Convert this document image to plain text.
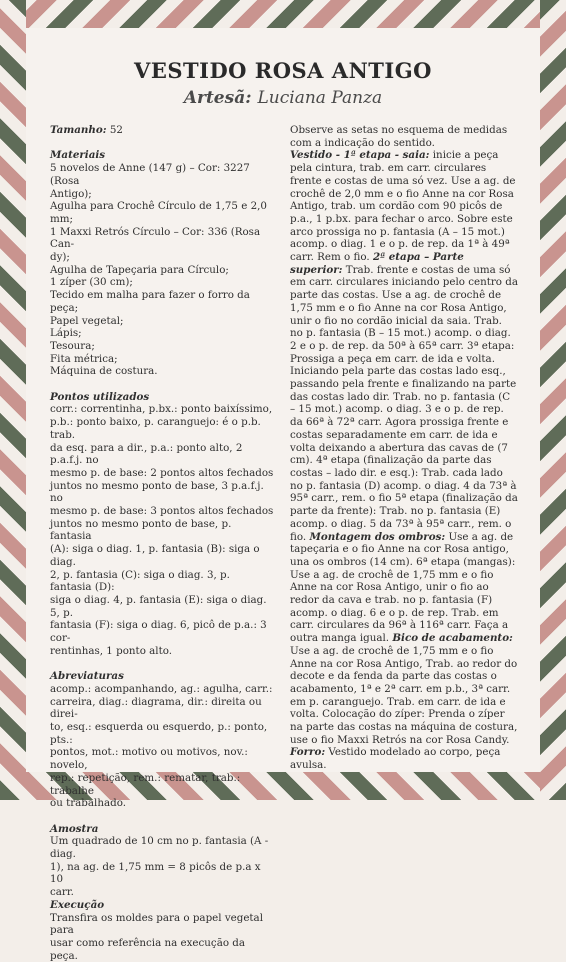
VESTIDO ROSA ANTIGO
Artesã: Luciana Panza

Tamanho: 52

Materiais

5 novelos de Anne (147 g) – Cor: 3227 (Rosa

Antigo);

Agulha para Crochê Círculo de 1,75 e 2,0 mm;

1 Maxxi Retrós Círculo – Cor: 336 (Rosa Can-

dy);

Agulha de Tapeçaria para Círculo;

1 zíper (30 cm);

Tecido em malha para fazer o forro da peça;

Papel vegetal;

Lápis;

Tesoura;

Fita métrica;

Máquina de costura.

Pontos utilizados

corr.: correntinha, p.bx.: ponto baixíssimo,

p.b.: ponto baixo, p. caranguejo: é o p.b. trab.

da esq. para a dir., p.a.: ponto alto, 2 p.a.f.j. no

mesmo p. de base: 2 pontos altos fechados

juntos no mesmo ponto de base, 3 p.a.f.j. no

mesmo p. de base: 3 pontos altos fechados

juntos no mesmo ponto de base, p. fantasia

(A): siga o diag. 1, p. fantasia (B): siga o diag.

2, p. fantasia (C): siga o diag. 3, p. fantasia (D):

siga o diag. 4, p. fantasia (E): siga o diag. 5, p.

fantasia (F): siga o diag. 6, picô de p.a.: 3 cor-

rentinhas, 1 ponto alto.

Abreviaturas

acomp.: acompanhando, ag.: agulha, carr.:

carreira, diag.: diagrama, dir.: direita ou direi-

to, esq.: esquerda ou esquerdo, p.: ponto, pts.:

pontos, mot.: motivo ou motivos, nov.: novelo,

rep.: repetição, rem.: rematar, trab.: trabalhe

ou trabalhado.

Amostra

Um quadrado de 10 cm no p. fantasia (A - diag.

1), na ag. de 1,75 mm = 8 picôs de p.a x 10

carr.

Execução

Transfira os moldes para o papel vegetal para

usar como referência na execução da peça.

Observe as setas no esquema de medidas com a indicação do sentido.

Vestido - 1ª etapa - saia: inicie a peça pela cintura, trab. em carr. circulares frente e costas de uma só vez. Use a ag. de crochê de 2,0 mm e o fio Anne na cor Rosa Antigo, trab. um cordão com 90 picôs de p.a., 1 p.bx. para fechar o arco. Sobre este arco prossiga no p. fantasia (A – 15 mot.) acomp. o diag. 1 e o p. de rep. da 1ª à 49ª carr. Rem o fio. 2ª etapa – Parte superior: Trab. frente e costas de uma só em carr. circulares iniciando pelo centro da parte das costas. Use a ag. de crochê de 1,75 mm e o fio Anne na cor Rosa Antigo, unir o fio no cordão inicial da saia. Trab. no p. fantasia (B – 15 mot.) acomp. o diag. 2 e o p. de rep. da 50ª à 65ª carr. 3ª etapa: Prossiga a peça em carr. de ida e volta. Iniciando pela parte das costas lado esq., passando pela frente e finalizando na parte das costas lado dir. Trab. no p. fantasia (C – 15 mot.) acomp. o diag. 3 e o p. de rep. da 66ª à 72ª carr. Agora prossiga frente e costas separadamente em carr. de ida e volta deixando a abertura das cavas de (7 cm). 4ª etapa (finalização da parte das costas – lado dir. e esq.): Trab. cada lado no p. fantasia (D) acomp. o diag. 4 da 73ª à 95ª carr., rem. o fio 5ª etapa (finalização da parte da frente): Trab. no p. fantasia (E) acomp. o diag. 5 da 73ª à 95ª carr., rem. o fio. Montagem dos ombros: Use a ag. de tapeçaria e o fio Anne na cor Rosa antigo, una os ombros (14 cm). 6ª etapa (mangas): Use a ag. de crochê de 1,75 mm e o fio Anne na cor Rosa Antigo, unir o fio ao redor da cava e trab. no p. fantasia (F) acomp. o diag. 6 e o p. de rep. Trab. em carr. circulares da 96ª à 116ª carr. Faça a outra manga igual. Bico de acabamento: Use a ag. de crochê de 1,75 mm e o fio Anne na cor Rosa Antigo, Trab. ao redor do decote e da fenda da parte das costas o acabamento, 1ª e 2ª carr. em p.b., 3ª carr. em p. caranguejo. Trab. em carr. de ida e volta. Colocação do zíper: Prenda o zíper na parte das costas na máquina de costura, use o fio Maxxi Retrós na cor Rosa Candy. Forro: Vestido modelado ao corpo, peça avulsa.
